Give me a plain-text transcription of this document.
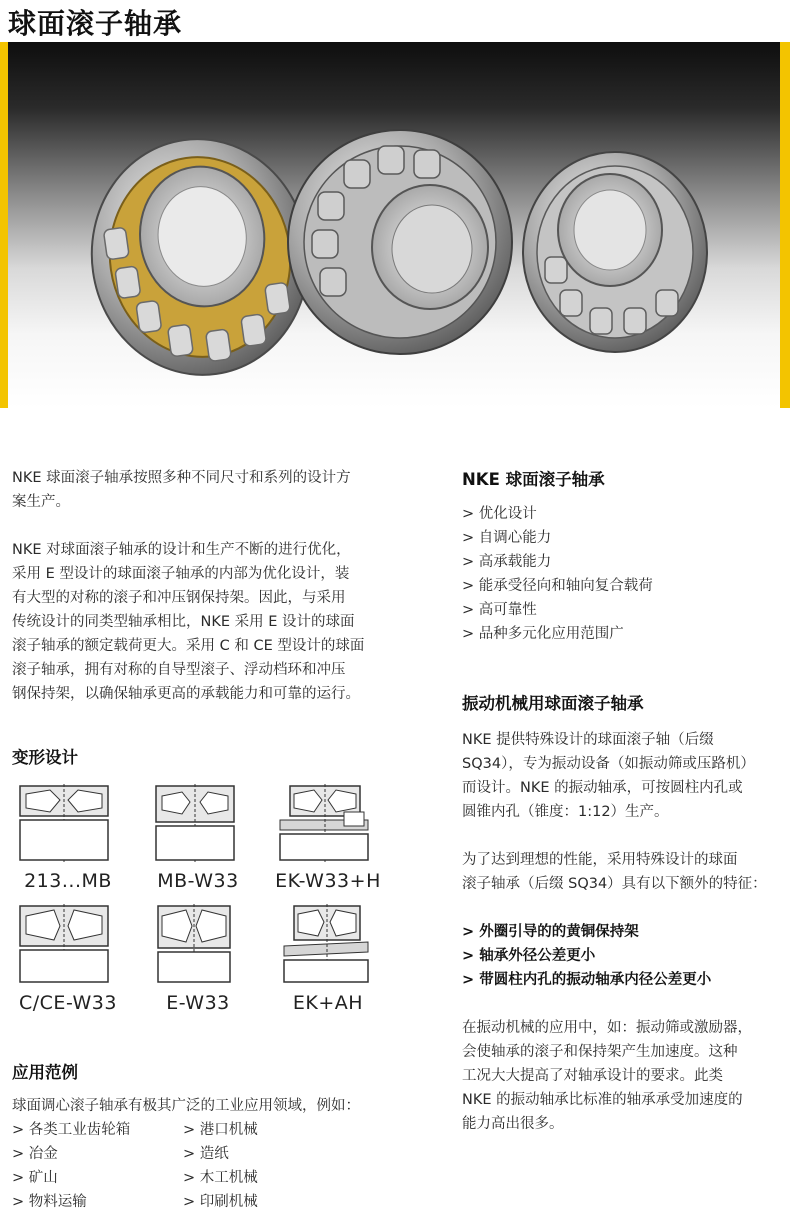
球面滚子轴承

NKE 球面滚子轴承按照多种不同尺寸和系列的设计方
案生产。

NKE 对球面滚子轴承的设计和生产不断的进行优化，
采用 E 型设计的球面滚子轴承的内部为优化设计，装
有大型的对称的滚子和冲压钢保持架。因此，与采用
传统设计的同类型轴承相比，NKE 采用 E 设计的球面
滚子轴承的额定载荷更大。采用 C 和 CE 型设计的球面
滚子轴承，拥有对称的自导型滚子、浮动档环和冲压
钢保持架，以确保轴承更高的承载能力和可靠的运行。

变形设计
213...MB	MB-W33	EK-W33+H
C/CE-W33	E-W33	EK+AH
应用范例
球面调心滚子轴承有极其广泛的工业应用领域，例如：
> 各类工业齿轮箱
> 冶金
> 矿山
> 物料运输
> 港口机械
> 造纸
> 木工机械
> 印刷机械
NKE 球面滚子轴承
> 优化设计
> 自调心能力
> 高承载能力
> 能承受径向和轴向复合载荷
> 高可靠性
> 品种多元化应用范围广
振动机械用球面滚子轴承

NKE 提供特殊设计的球面滚子轴（后缀
SQ34），专为振动设备（如振动筛或压路机）
而设计。NKE 的振动轴承，可按圆柱内孔或
圆锥内孔（锥度：1:12）生产。

为了达到理想的性能，采用特殊设计的球面
滚子轴承（后缀 SQ34）具有以下额外的特征：

> 外圈引导的的黄铜保持架
> 轴承外径公差更小
> 带圆柱内孔的振动轴承内径公差更小

在振动机械的应用中，如：振动筛或激励器，
会使轴承的滚子和保持架产生加速度。这种
工况大大提高了对轴承设计的要求。此类
NKE 的振动轴承比标准的轴承承受加速度的
能力高出很多。
